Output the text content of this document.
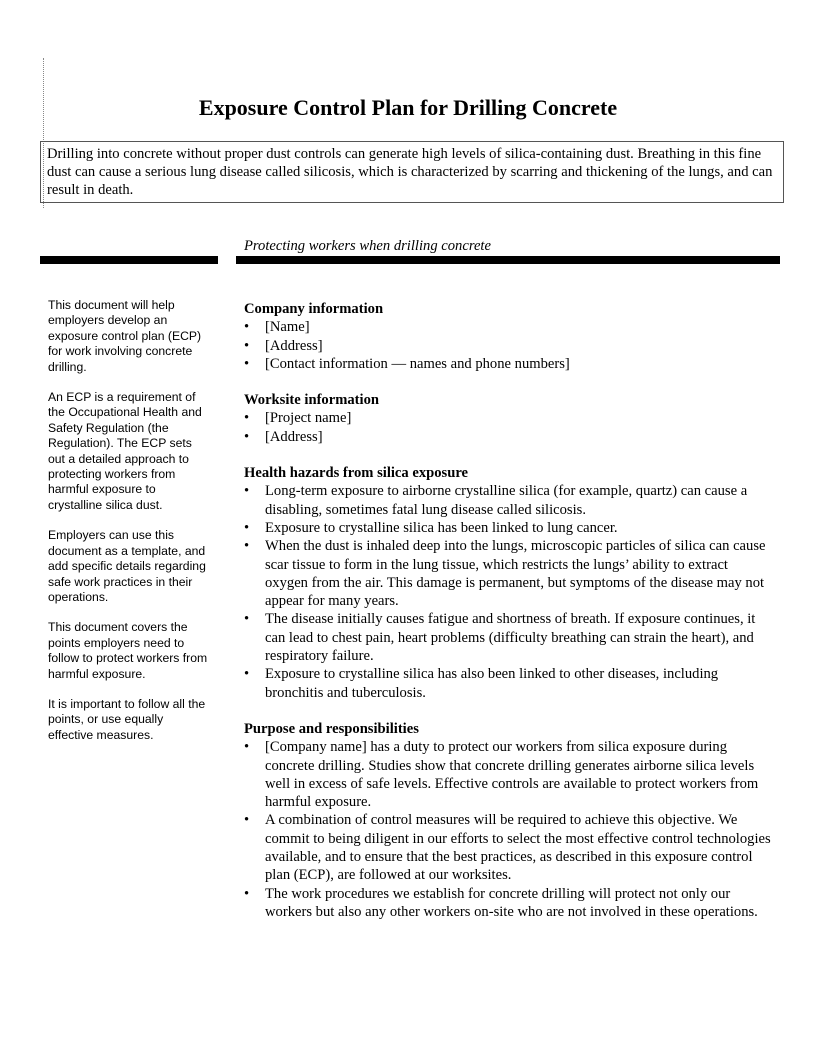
Exposure Control Plan for Drilling Concrete
Drilling into concrete without proper dust controls can generate high levels of silica-containing dust. Breathing in this fine dust can cause a serious lung disease called silicosis, which is characterized by scarring and thickening of the lungs, and can result in death.
Protecting workers when drilling concrete

This document will help employers develop an exposure control plan (ECP) for work involving concrete drilling.

An ECP is a requirement of the Occupational Health and Safety Regulation (the Regulation). The ECP sets out a detailed approach to protecting workers from harmful exposure to crystalline silica dust.

Employers can use this document as a template, and add specific details regarding safe work practices in their operations.

This document covers the points employers need to follow to protect workers from harmful exposure.

It is important to follow all the points, or use equally effective measures.

Company information
• [Name]
• [Address]
• [Contact information — names and phone numbers]
Worksite information
• [Project name]
• [Address]
Health hazards from silica exposure
• Long-term exposure to airborne crystalline silica (for example, quartz) can cause a disabling, sometimes fatal lung disease called silicosis.
• Exposure to crystalline silica has been linked to lung cancer.
• When the dust is inhaled deep into the lungs, microscopic particles of silica can cause scar tissue to form in the lung tissue, which restricts the lungs’ ability to extract oxygen from the air. This damage is permanent, but symptoms of the disease may not appear for many years.
• The disease initially causes fatigue and shortness of breath. If exposure continues, it can lead to chest pain, heart problems (difficulty breathing can strain the heart), and respiratory failure.
• Exposure to crystalline silica has also been linked to other diseases, including bronchitis and tuberculosis.
Purpose and responsibilities
• [Company name] has a duty to protect our workers from silica exposure during concrete drilling. Studies show that concrete drilling generates airborne silica levels well in excess of safe levels. Effective controls are available to protect workers from harmful exposure.
• A combination of control measures will be required to achieve this objective. We commit to being diligent in our efforts to select the most effective control technologies available, and to ensure that the best practices, as described in this exposure control plan (ECP), are followed at our worksites.
• The work procedures we establish for concrete drilling will protect not only our workers but also any other workers on-site who are not involved in these operations.
